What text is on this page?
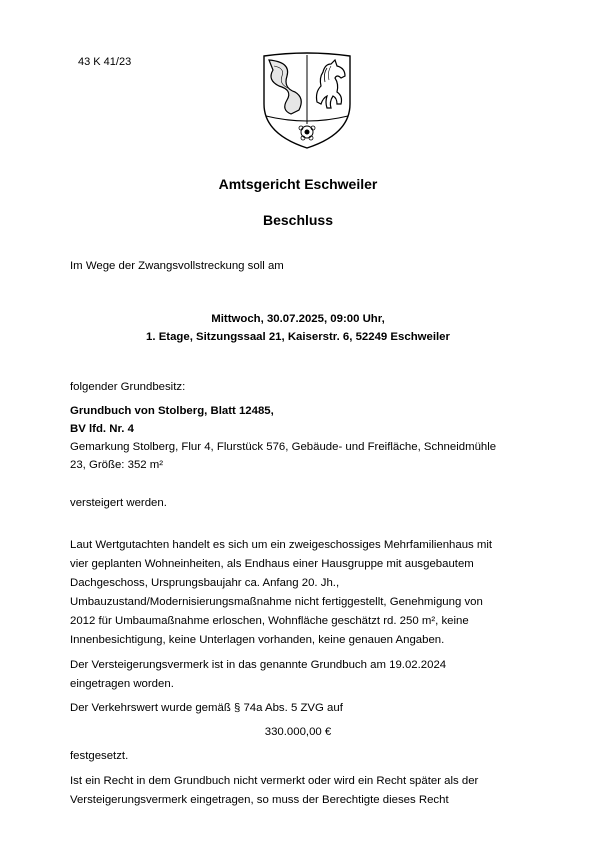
43 K 41/23
Amtsgericht Eschweiler
Beschluss
Im Wege der Zwangsvollstreckung soll am
Mittwoch, 30.07.2025, 09:00 Uhr,
1. Etage, Sitzungssaal 21, Kaiserstr. 6, 52249 Eschweiler
folgender Grundbesitz:
Grundbuch von Stolberg, Blatt 12485,
BV lfd. Nr. 4
Gemarkung Stolberg, Flur 4, Flurstück 576, Gebäude- und Freifläche, Schneidmühle
23, Größe: 352 m²
versteigert werden.
Laut Wertgutachten handelt es sich um ein zweigeschossiges Mehrfamilienhaus mit
vier geplanten Wohneinheiten, als Endhaus einer Hausgruppe mit ausgebautem
Dachgeschoss, Ursprungsbaujahr ca. Anfang 20. Jh.,
Umbauzustand/Modernisierungsmaßnahme nicht fertiggestellt, Genehmigung von
2012 für Umbaumaßnahme erloschen, Wohnfläche geschätzt rd. 250 m², keine
Innenbesichtigung, keine Unterlagen vorhanden, keine genauen Angaben.
Der Versteigerungsvermerk ist in das genannte Grundbuch am 19.02.2024
eingetragen worden.
Der Verkehrswert wurde gemäß § 74a Abs. 5 ZVG auf
330.000,00 €
festgesetzt.
Ist ein Recht in dem Grundbuch nicht vermerkt oder wird ein Recht später als der
Versteigerungsvermerk eingetragen, so muss der Berechtigte dieses Recht
